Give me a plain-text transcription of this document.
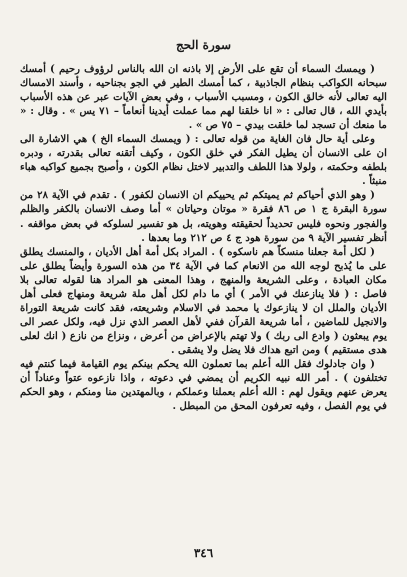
سورة الحج

( ويمسك السماء أن تقع على الأرض إلا باذنه ان الله بالناس لرؤوف رحيم ) أمسك سبحانه الكواكب بنظام الجاذبية ، كما أمسك الطير في الجو بجناحيه ، وأسند الامساك اليه تعالى لأنه خالق الكون ، ومسبب الأسباب ، وفي بعض الآيات عبر عن هذه الأسباب بأيدي الله ، قال تعالى : « انا خلقنا لهم مما عملت أيدينا أنعاماً – ٧١ يس » . وقال : « ما منعك أن تسجد لما خلقت بيدي – ٧٥ ص » .

وعلى أية حال فان الغاية من قوله تعالى : ( ويمسك السماء الخ ) هي الاشارة الى ان على الانسان أن يطيل الفكر في خلق الكون ، وكيف أتقنه تعالى بقدرته ، ودبره بلطفه وحكمته ، ولولا هذا اللطف والتدبير لاختل نظام الكون ، وأصبح بجميع كواكبه هباء منبثاً .

( وهو الذي أحياكم ثم يميتكم ثم يحييكم ان الانسان لكفور ) . تقدم في الآية ٢٨ من سورة البقرة ج ١ ص ٨٦ فقرة « موتان وحياتان » أما وصف الانسان بالكفر والظلم والفجور ونحوه فليس تحديداً لحقيقته وهويته، بل هو تفسير لسلوكه في بعض مواقفه . أنظر تفسير الآية ٩ من سورة هود ج ٤ ص ٢١٢ وما بعدها .

( لكل أمة جعلنا منسكاً هم ناسكوه ) . المراد بكل أمة أهل الأديان ، والمنسك يطلق على ما يُذبح لوجه الله من الانعام كما في الآية ٣٤ من هذه السورة وأيضاً يطلق على مكان العبادة ، وعلى الشريعة والمنهج ، وهذا المعنى هو المراد هنا لقوله تعالى بلا فاصل : ( فلا ينازعنك في الأمر ) أي ما دام لكل أهل ملة شريعة ومنهاج فعلى أهل الأديان والملل ان لا ينازعوك يا محمد في الاسلام وشريعته، فقد كانت شريعة التوراة والانجيل للماضين ، أما شريعة القرآن ففي لأهل العصر الذي نزل فيه، ولكل عصر الى يوم يبعثون ( وادع الى ربك ) ولا تهتم بالإعراض من أعرض ، ونزاع من نازع ( انك لعلى هدى مستقيم ) ومن اتبع هداك فلا يضل ولا يشقى .

( وان جادلوك فقل الله أعلم بما تعملون الله يحكم بينكم يوم القيامة فيما كنتم فيه تختلفون ) . أمر الله نبيه الكريم أن يمضي في دعوته ، واذا نازعوه عتواً وعناداً أن يعرض عنهم ويقول لهم : الله أعلم بعملنا وعملكم ، وبالمهتدين منا ومنكم ، وهو الحكم في يوم الفصل ، وفيه تعرفون المحق من المبطل .

٣٤٦
